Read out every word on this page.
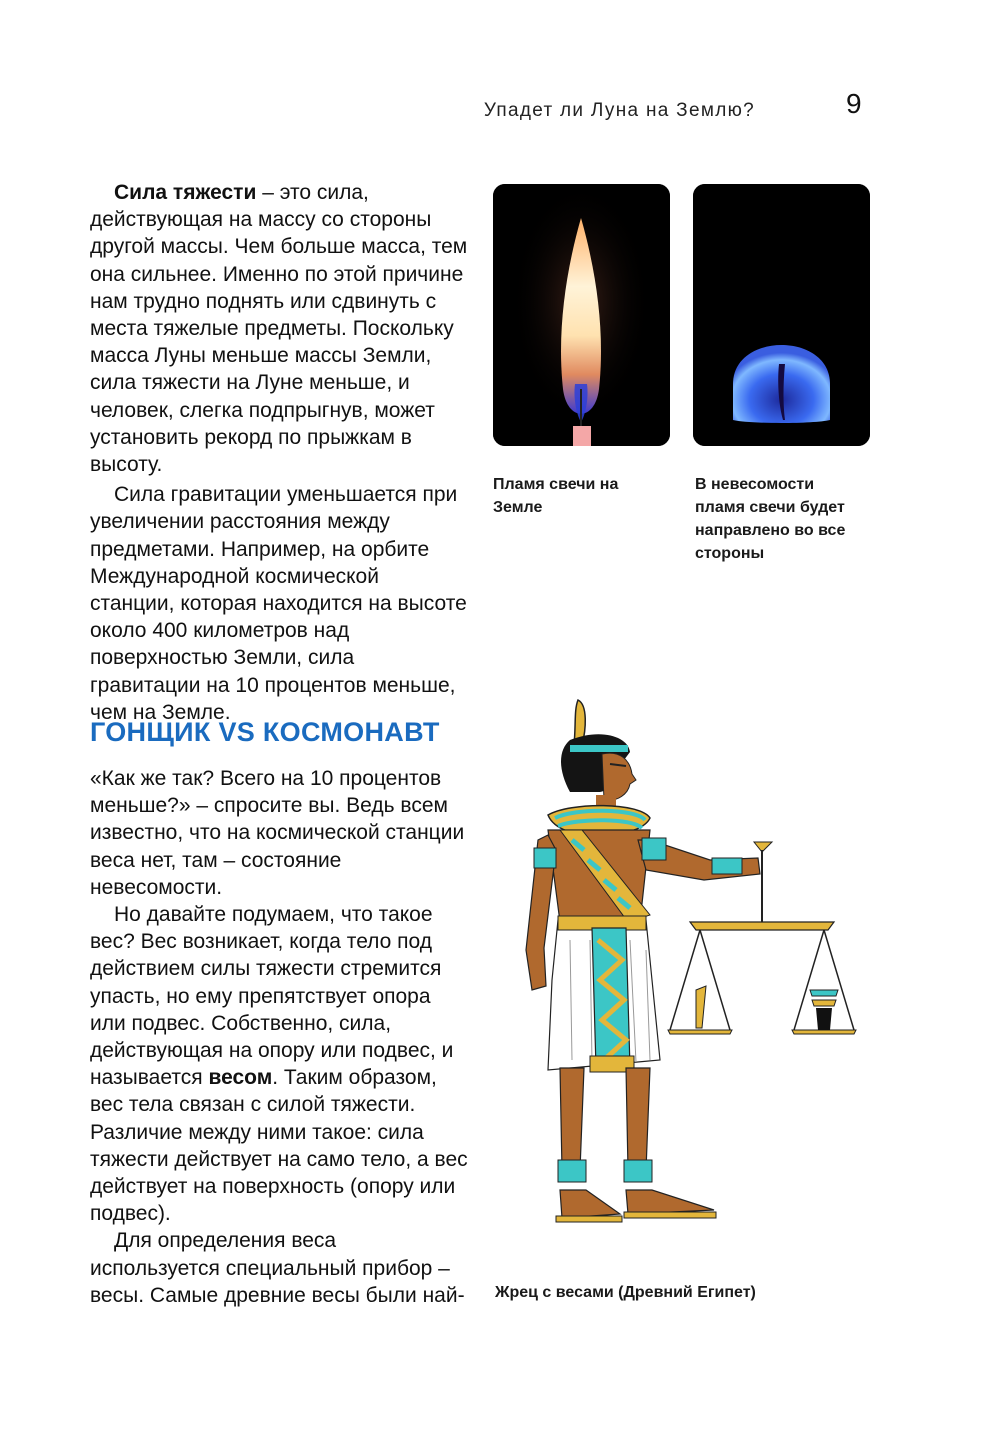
Упадет ли Луна на Землю?	9

Сила тяжести – это сила, действующая на массу со стороны другой массы. Чем больше масса, тем она сильнее. Именно по этой причине нам трудно поднять или сдвинуть с места тяжелые предметы. Поскольку масса Луны меньше массы Земли, сила тяжести на Луне меньше, и человек, слегка подпрыгнув, может установить рекорд по прыжкам в высоту.

Сила гравитации уменьшается при увеличении расстояния между предметами. Например, на орбите Международной космической станции, которая находится на высоте около 400 километров над поверхностью Земли, сила гравитации на 10 процентов меньше, чем на Земле.

ГОНЩИК VS КОСМОНАВТ

«Как же так? Всего на 10 процентов меньше?» – спросите вы. Ведь всем известно, что на космической станции веса нет, там – состояние невесомости.

Но давайте подумаем, что такое вес? Вес возникает, когда тело под действием силы тяжести стремится упасть, но ему препятствует опора или подвес. Собственно, сила, действующая на опору или подвес, и называется весом. Таким образом, вес тела связан с силой тяжести. Различие между ними такое: сила тяжести действует на само тело, а вес действует на поверхность (опору или подвес).

Для определения веса используется специальный прибор – весы. Самые древние весы были най-

Пламя свечи на Земле
В невесомости пламя свечи будет направлено во все стороны
Жрец с весами (Древний Египет)
